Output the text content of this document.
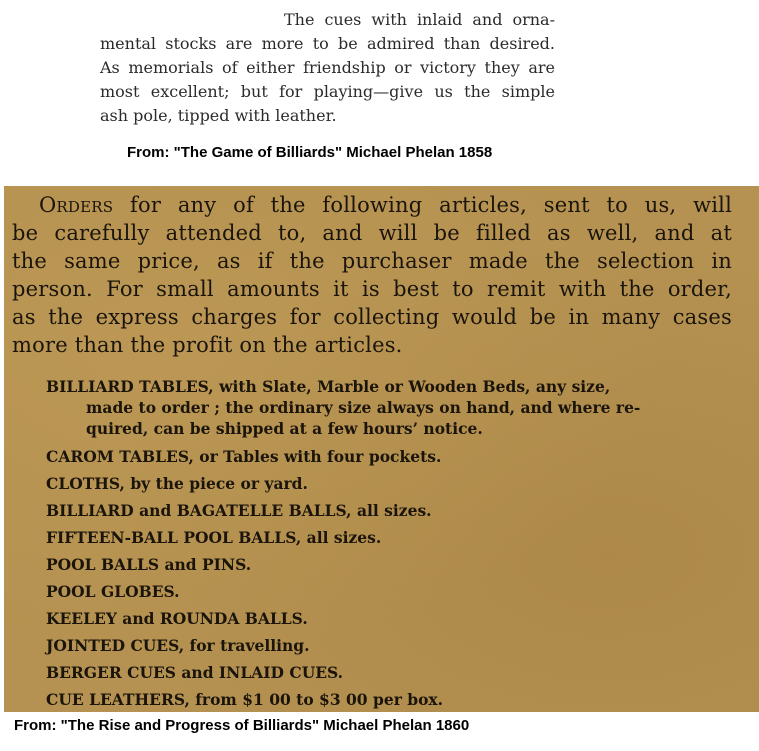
The cues with inlaid and orna-
mental stocks are more to be admired than desired.
As memorials of either friendship or victory they are
most excellent; but for playing—give us the simple
ash pole, tipped with leather.
From: "The Game of Billiards" Michael Phelan 1858
Orders for any of the following articles, sent to us, will
be carefully attended to, and will be filled as well, and at
the same price, as if the purchaser made the selection in
person. For small amounts it is best to remit with the order,
as the express charges for collecting would be in many cases
more than the profit on the articles.
BILLIARD TABLES, with Slate, Marble or Wooden Beds, any size,
made to order ; the ordinary size always on hand, and where re-
quired, can be shipped at a few hours’ notice.
CAROM TABLES, or Tables with four pockets.
CLOTHS, by the piece or yard.
BILLIARD and BAGATELLE BALLS, all sizes.
FIFTEEN-BALL POOL BALLS, all sizes.
POOL BALLS and PINS.
POOL GLOBES.
KEELEY and ROUNDA BALLS.
JOINTED CUES, for travelling.
BERGER CUES and INLAID CUES.
CUE LEATHERS, from $1 00 to $3 00 per box.
From: "The Rise and Progress of Billiards" Michael Phelan 1860
